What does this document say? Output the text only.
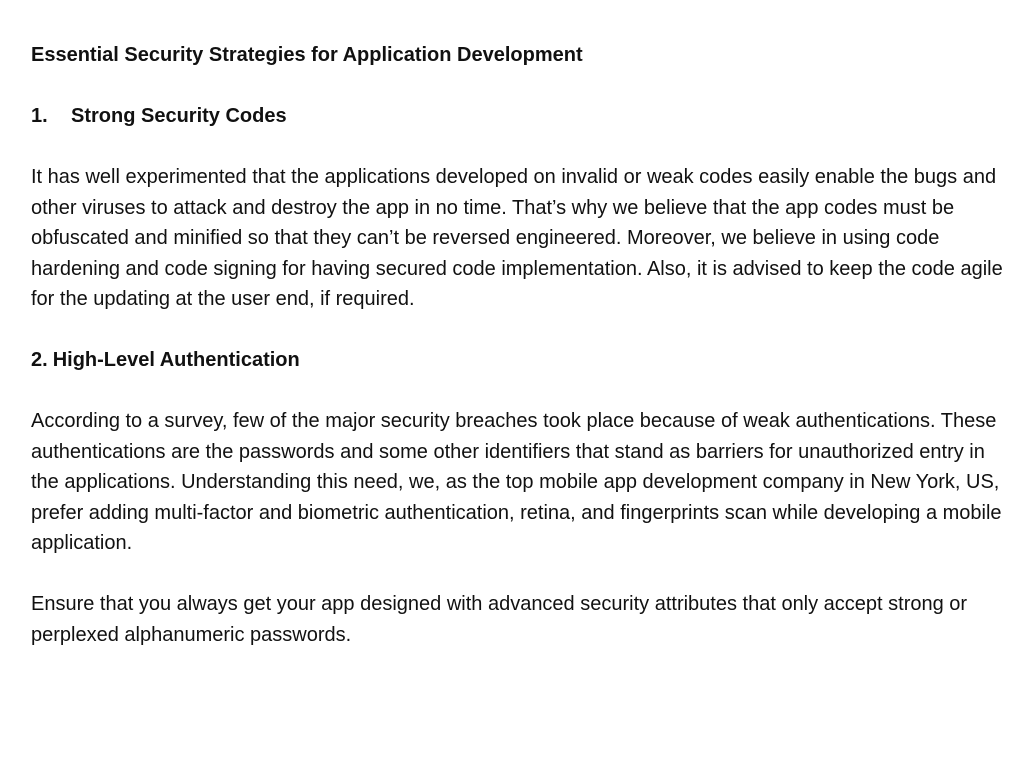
Essential Security Strategies for Application Development
1. Strong Security Codes
It has well experimented that the applications developed on invalid or weak codes easily enable the bugs and other viruses to attack and destroy the app in no time. That’s why we believe that the app codes must be obfuscated and minified so that they can’t be reversed engineered. Moreover, we believe in using code hardening and code signing for having secured code implementation. Also, it is advised to keep the code agile for the updating at the user end, if required.
2. High-Level Authentication
According to a survey, few of the major security breaches took place because of weak authentications. These authentications are the passwords and some other identifiers that stand as barriers for unauthorized entry in the applications. Understanding this need, we, as the top mobile app development company in New York, US, prefer adding multi-factor and biometric authentication, retina, and fingerprints scan while developing a mobile application.
Ensure that you always get your app designed with advanced security attributes that only accept strong or perplexed alphanumeric passwords.
